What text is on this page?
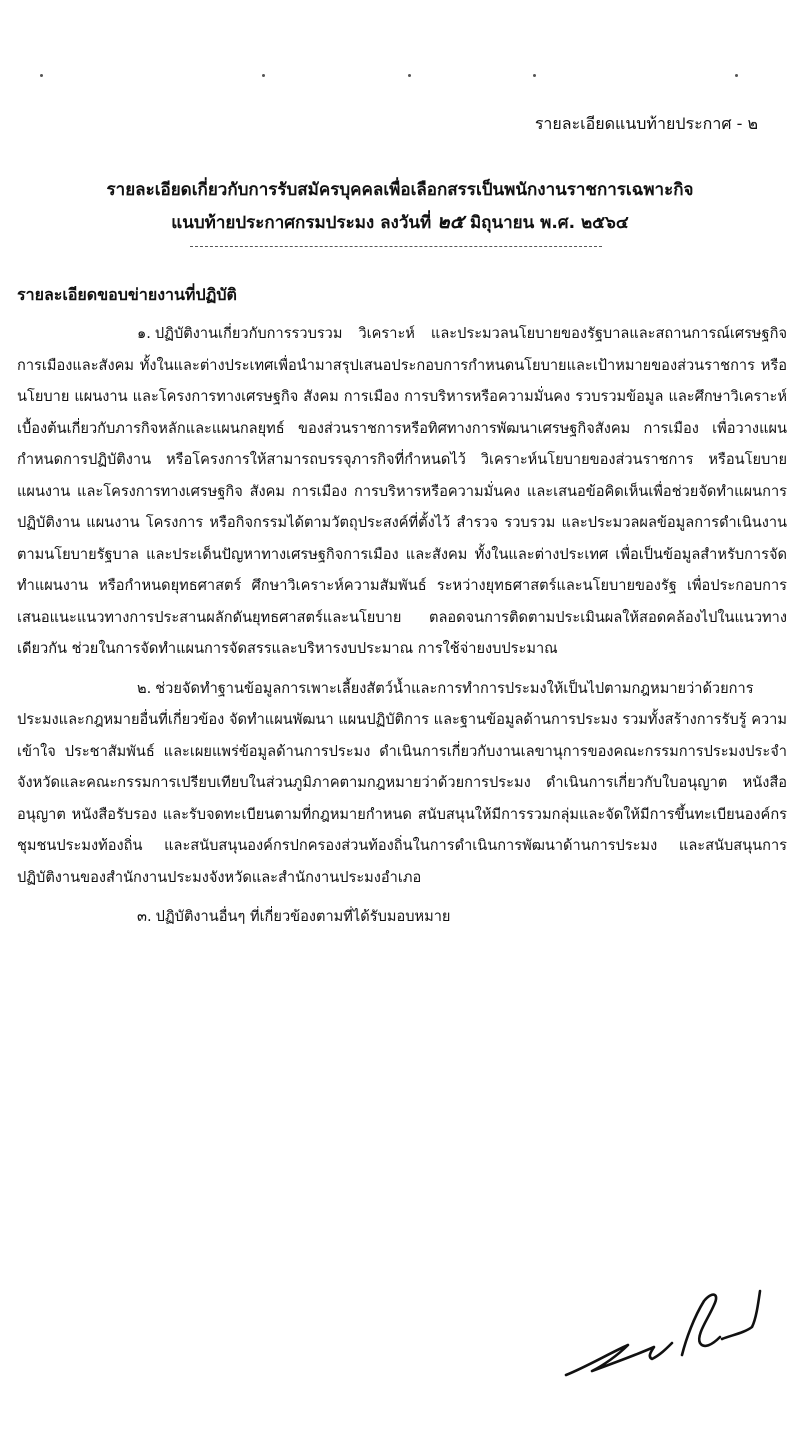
รายละเอียดแนบท้ายประกาศ - ๒
รายละเอียดเกี่ยวกับการรับสมัครบุคคลเพื่อเลือกสรรเป็นพนักงานราชการเฉพาะกิจ
แนบท้ายประกาศกรมประมง ลงวันที่ ๒๕ มิถุนายน พ.ศ. ๒๕๖๔
รายละเอียดขอบข่ายงานที่ปฏิบัติ
๑. ปฏิบัติงานเกี่ยวกับการรวบรวม วิเคราะห์ และประมวลนโยบายของรัฐบาลและสถานการณ์เศรษฐกิจการเมืองและสังคม ทั้งในและต่างประเทศเพื่อนำมาสรุปเสนอประกอบการกำหนดนโยบายและเป้าหมายของส่วนราชการ หรือนโยบาย แผนงาน และโครงการทางเศรษฐกิจ สังคม การเมือง การบริหารหรือความมั่นคง รวบรวมข้อมูล และศึกษาวิเคราะห์เบื้องต้นเกี่ยวกับภารกิจหลักและแผนกลยุทธ์ ของส่วนราชการหรือทิศทางการพัฒนาเศรษฐกิจสังคม การเมือง เพื่อวางแผนกำหนดการปฏิบัติงาน หรือโครงการให้สามารถบรรจุภารกิจที่กำหนดไว้ วิเคราะห์นโยบายของส่วนราชการ หรือนโยบาย แผนงาน และโครงการทางเศรษฐกิจ สังคม การเมือง การบริหารหรือความมั่นคง และเสนอข้อคิดเห็นเพื่อช่วยจัดทำแผนการปฏิบัติงาน แผนงาน โครงการ หรือกิจกรรมได้ตามวัตถุประสงค์ที่ตั้งไว้ สำรวจ รวบรวม และประมวลผลข้อมูลการดำเนินงานตามนโยบายรัฐบาล และประเด็นปัญหาทางเศรษฐกิจการเมือง และสังคม ทั้งในและต่างประเทศ เพื่อเป็นข้อมูลสำหรับการจัดทำแผนงาน หรือกำหนดยุทธศาสตร์ ศึกษาวิเคราะห์ความสัมพันธ์ ระหว่างยุทธศาสตร์และนโยบายของรัฐ เพื่อประกอบการเสนอแนะแนวทางการประสานผลักดันยุทธศาสตร์และนโยบาย ตลอดจนการติดตามประเมินผลให้สอดคล้องไปในแนวทางเดียวกัน ช่วยในการจัดทำแผนการจัดสรรและบริหารงบประมาณ การใช้จ่ายงบประมาณ
๒. ช่วยจัดทำฐานข้อมูลการเพาะเลี้ยงสัตว์น้ำและการทำการประมงให้เป็นไปตามกฎหมายว่าด้วยการประมงและกฎหมายอื่นที่เกี่ยวข้อง จัดทำแผนพัฒนา แผนปฏิบัติการ และฐานข้อมูลด้านการประมง รวมทั้งสร้างการรับรู้ ความเข้าใจ ประชาสัมพันธ์ และเผยแพร่ข้อมูลด้านการประมง ดำเนินการเกี่ยวกับงานเลขานุการของคณะกรรมการประมงประจำจังหวัดและคณะกรรมการเปรียบเทียบในส่วนภูมิภาคตามกฎหมายว่าด้วยการประมง ดำเนินการเกี่ยวกับใบอนุญาต หนังสืออนุญาต หนังสือรับรอง และรับจดทะเบียนตามที่กฎหมายกำหนด สนับสนุนให้มีการรวมกลุ่มและจัดให้มีการขึ้นทะเบียนองค์กรชุมชนประมงท้องถิ่น และสนับสนุนองค์กรปกครองส่วนท้องถิ่นในการดำเนินการพัฒนาด้านการประมง และสนับสนุนการปฏิบัติงานของสำนักงานประมงจังหวัดและสำนักงานประมงอำเภอ
๓. ปฏิบัติงานอื่นๆ ที่เกี่ยวข้องตามที่ได้รับมอบหมาย
